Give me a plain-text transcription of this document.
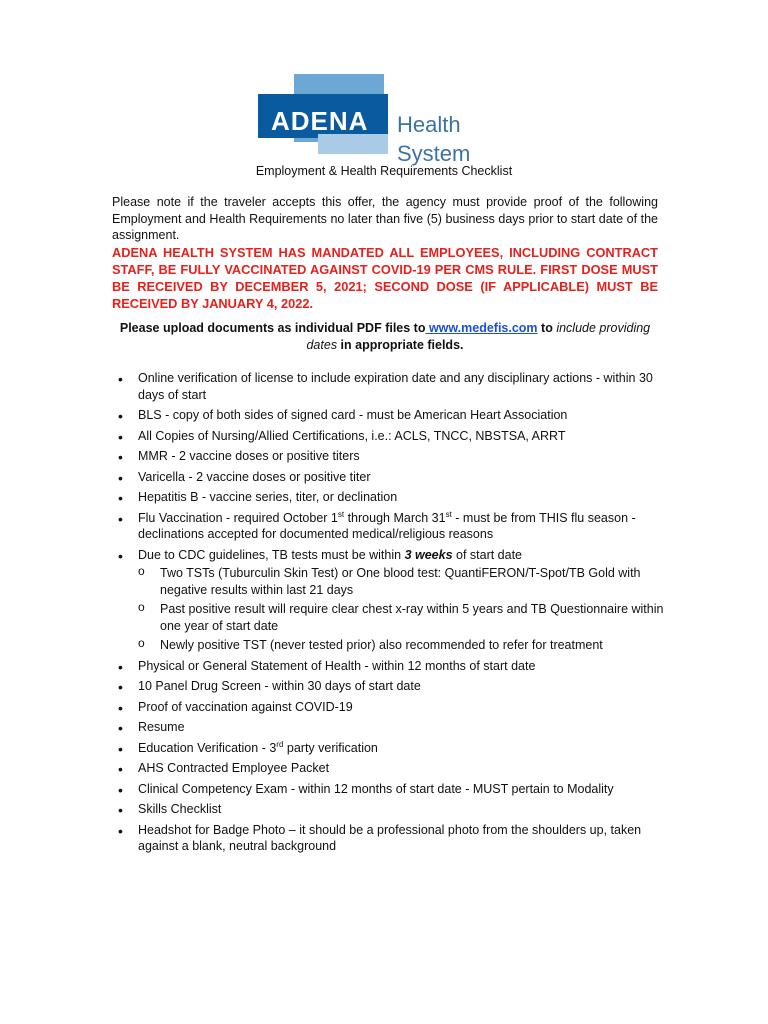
ADENA Health System
Employment & Health Requirements Checklist
Please note if the traveler accepts this offer, the agency must provide proof of the following Employment and Health Requirements no later than five (5) business days prior to start date of the assignment.
ADENA HEALTH SYSTEM HAS MANDATED ALL EMPLOYEES, INCLUDING CONTRACT STAFF, BE FULLY VACCINATED AGAINST COVID-19 PER CMS RULE. FIRST DOSE MUST BE RECEIVED BY DECEMBER 5, 2021; SECOND DOSE (IF APPLICABLE) MUST BE RECEIVED BY JANUARY 4, 2022.
Please upload documents as individual PDF files to www.medefis.com to include providing dates in appropriate fields.
• Online verification of license to include expiration date and any disciplinary actions - within 30 days of start
• BLS - copy of both sides of signed card - must be American Heart Association
• All Copies of Nursing/Allied Certifications, i.e.: ACLS, TNCC, NBSTSA, ARRT
• MMR - 2 vaccine doses or positive titers
• Varicella - 2 vaccine doses or positive titer
• Hepatitis B - vaccine series, titer, or declination
• Flu Vaccination - required October 1st through March 31st - must be from THIS flu season - declinations accepted for documented medical/religious reasons
• Due to CDC guidelines, TB tests must be within 3 weeks of start date
o Two TSTs (Tuburculin Skin Test) or One blood test: QuantiFERON/T-Spot/TB Gold with negative results within last 21 days
o Past positive result will require clear chest x-ray within 5 years and TB Questionnaire within one year of start date
o Newly positive TST (never tested prior) also recommended to refer for treatment
• Physical or General Statement of Health - within 12 months of start date
• 10 Panel Drug Screen - within 30 days of start date
• Proof of vaccination against COVID-19
• Resume
• Education Verification - 3rd party verification
• AHS Contracted Employee Packet
• Clinical Competency Exam - within 12 months of start date - MUST pertain to Modality
• Skills Checklist
• Headshot for Badge Photo – it should be a professional photo from the shoulders up, taken against a blank, neutral background
